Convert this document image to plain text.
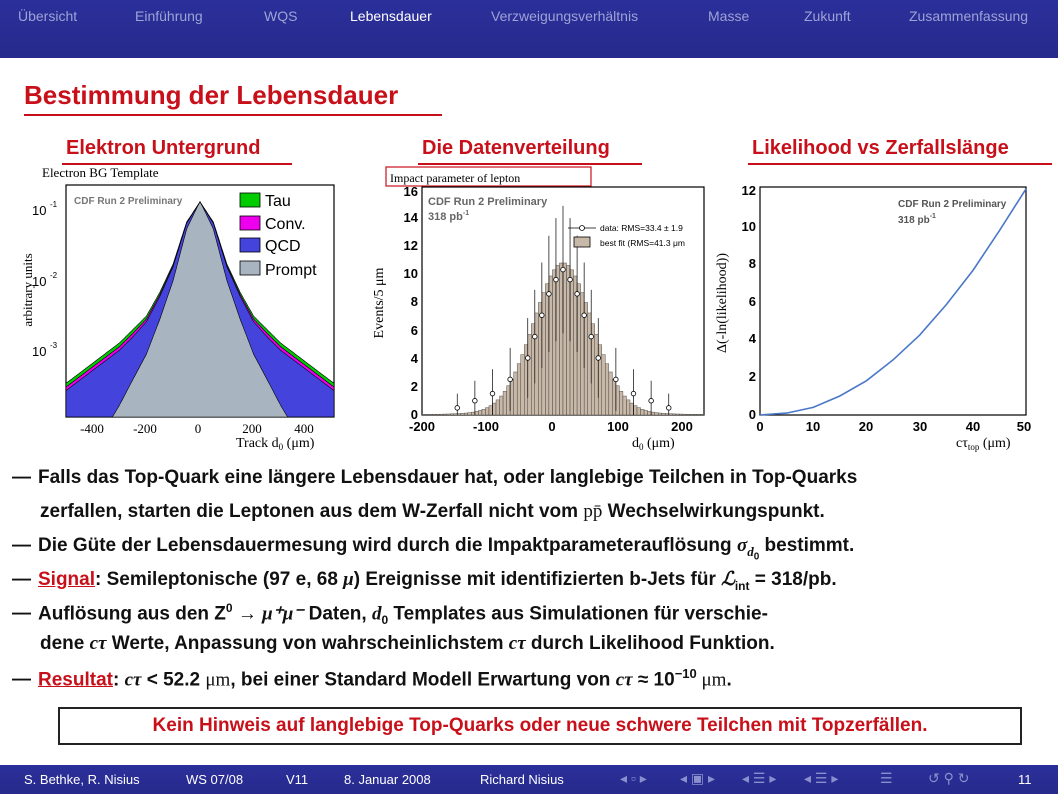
Übersicht	Einführung	WQS	Lebensdauer	Verzweigungsverhältnis	Masse	Zukunft	Zusammenfassung
Bestimmung der Lebensdauer
Elektron Untergrund	Die Datenverteilung	Likelihood vs Zerfallslänge
Electron BG Template
arbitrary units
CDF Run 2 Preliminary	Tau
Conv.
QCD
Prompt
10 -1
10 -2
10 -3
-400 -200	0	200	400
Track $d_0$ (μm)
Impact parameter of lepton
Events/5 μm
CDF Run 2 Preliminary
318 $pb^{-1}$
data: RMS=33.4 ± 1.9
best fit (RMS=41.3 μm
0
2
4
6
8
10
12
14
16
-200	-100	0	100	200
$d_0$ (μm)
Δ(-ln(likelihood))
CDF Run 2 Preliminary
318 $pb^{-1}$
0
2
4
6
8
10
12
0	10	20	30	40	50
$c\tau_{top}$ (μm)
— Falls das Top-Quark eine längere Lebensdauer hat, oder langlebige Teilchen in Top-Quarks
zerfallen, starten die Leptonen aus dem W-Zerfall nicht vom pp̄ Wechselwirkungspunkt.
— Die Güte der Lebensdauermesung wird durch die Impaktparameterauflösung $\sigma_{d_0}$ bestimmt.
— Signal: Semileptonische (97 e, 68 μ) Ereignisse mit identifizierten b-Jets für ℒ$_{int}$ = 318/pb.
— Auflösung aus den $Z^0 \to \mu^+\mu^-$ Daten, $d_0$ Templates aus Simulationen für verschie-
dene cτ Werte, Anpassung von wahrscheinlichstem cτ durch Likelihood Funktion.
— Resultat: cτ < 52.2 μm, bei einer Standard Modell Erwartung von $c\tau \approx 10^{-10}$ μm.
Kein Hinweis auf langlebige Top-Quarks oder neue schwere Teilchen mit Topzerfällen.
S. Bethke, R. Nisius	WS 07/08	V11	8. Januar 2008	Richard Nisius	◂ ▫ ▸ ◂ ▣ ▸ ◂ ☰ ▸ ◂ ☰ ▸	☰	↺ ⚲ ↻	11
